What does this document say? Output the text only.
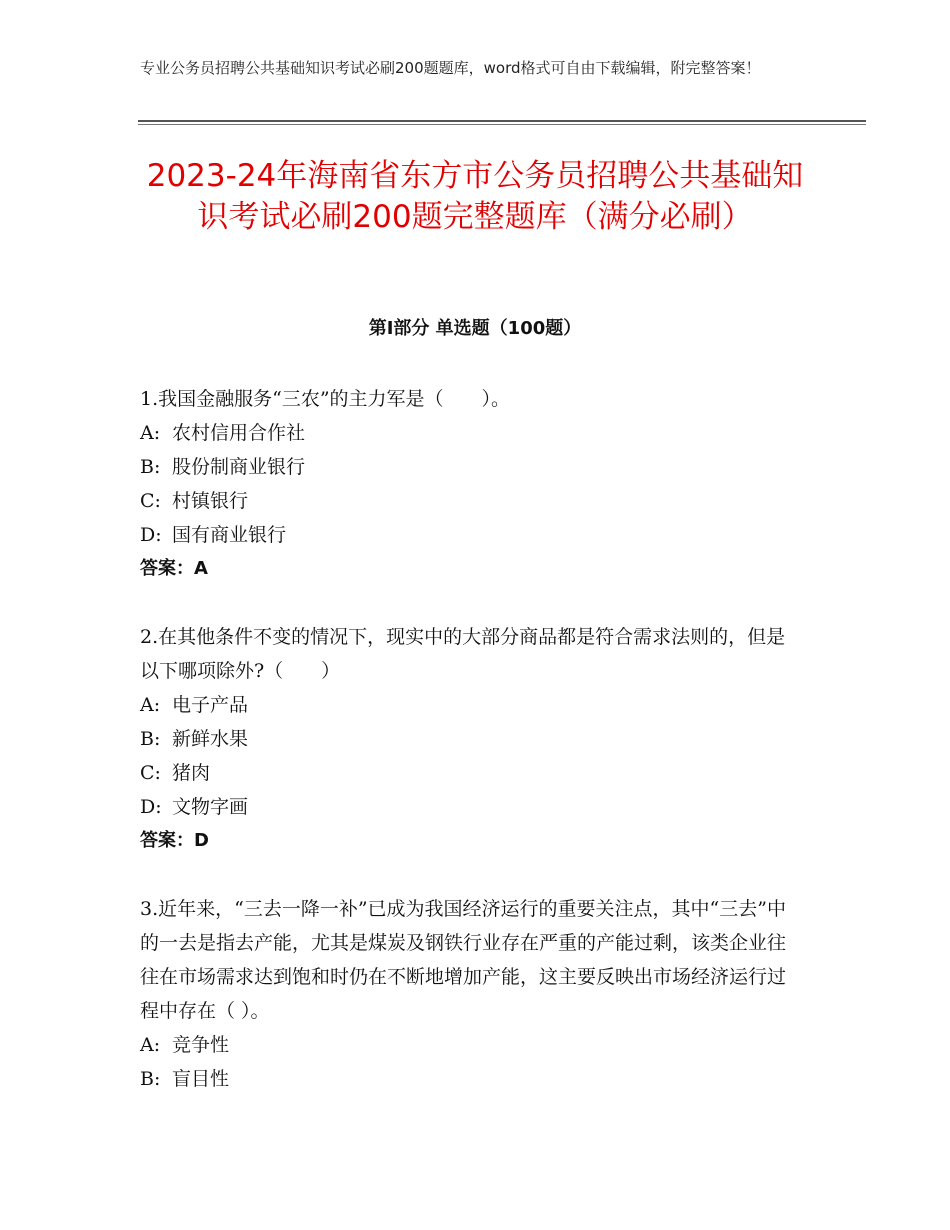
专业公务员招聘公共基础知识考试必刷200题题库，word格式可自由下载编辑，附完整答案！
2023-24年海南省东方市公务员招聘公共基础知识考试必刷200题完整题库（满分必刷）
第Ⅰ部分 单选题（100题）
1.我国金融服务“三农”的主力军是（　　）。
A: 农村信用合作社
B: 股份制商业银行
C: 村镇银行
D: 国有商业银行
答案：A
2.在其他条件不变的情况下，现实中的大部分商品都是符合需求法则的，但是以下哪项除外?（　　）
A: 电子产品
B: 新鲜水果
C: 猪肉
D: 文物字画
答案：D
3.近年来，“三去一降一补”已成为我国经济运行的重要关注点，其中“三去”中的一去是指去产能，尤其是煤炭及钢铁行业存在严重的产能过剩，该类企业往往在市场需求达到饱和时仍在不断地增加产能，这主要反映出市场经济运行过程中存在（ ）。
A: 竞争性
B: 盲目性
